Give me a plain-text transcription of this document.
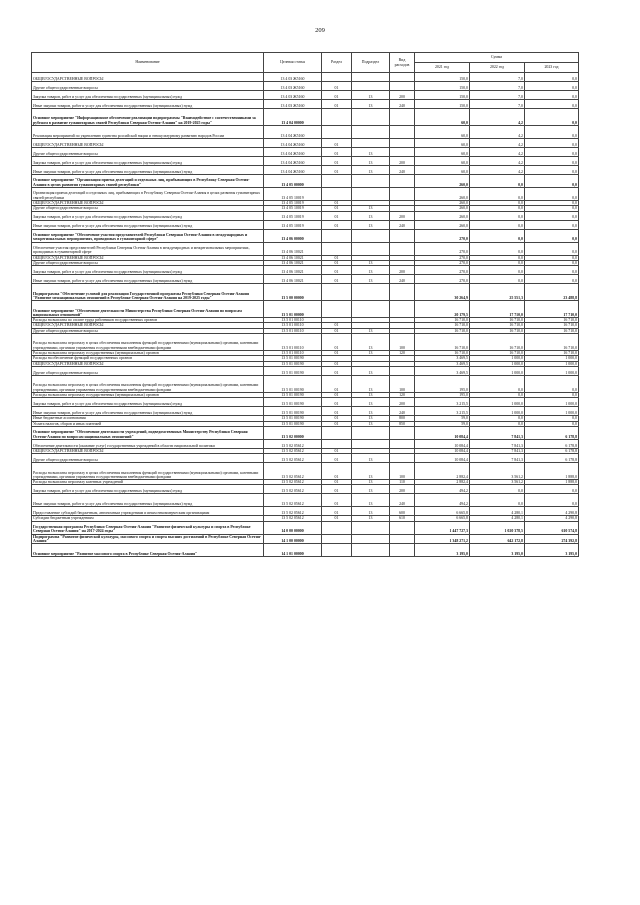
209
Наименование	Целевая статья	Раздел	Подраздел	Вид расходов	Сумма		
					2021 год	2022 год	2023 год
ОБЩЕГОСУДАРСТВЕННЫЕ ВОПРОСЫ	13 4 03 Ж5160				150,0	7,0	0,0
Другие общегосударственные вопросы	13 4 03 Ж5160	01			150,0	7,0	0,0
Закупка товаров, работ и услуг для обеспечения государственных (муниципальных) нужд	13 4 03 Ж5160	01	13	200	150,0	7,0	0,0
Иные закупки товаров, работ и услуг для обеспечения государственных (муниципальных) нужд	13 4 03 Ж5160	01	13	240	150,0	7,0	0,0
Основное мероприятие "Информационное обеспечение реализации подпрограммы "Взаимодействие с соотечественниками за рубежом в развитие гуманитарных связей Республики Северная Осетия-Алания" на 2019-2025 годы"	13 4 04 00000				60,0	4,2	0,0
Реализация мероприятий по укреплению единства российской нации и этнокультурному развитию народов России	13 4 04 Ж5160				60,0	4,2	0,0
ОБЩЕГОСУДАРСТВЕННЫЕ ВОПРОСЫ	13 4 04 Ж5160	01			60,0	4,2	0,0
Другие общегосударственные вопросы	13 4 04 Ж5160	01	13		60,0	4,2	0,0
Закупка товаров, работ и услуг для обеспечения государственных (муниципальных) нужд	13 4 04 Ж5160	01	13	200	60,0	4,2	0,0
Иные закупки товаров, работ и услуг для обеспечения государственных (муниципальных) нужд	13 4 04 Ж5160	01	13	240	60,0	4,2	0,0
Основное мероприятие "Организация приема делегаций и отдельных лиц, прибывающих в Республику Северная Осетия-Алания в целях развития гуманитарных связей республики"	13 4 05 00000				260,0	0,0	0,0
Организация приема делегаций и отдельных лиц, прибывающих в Республику Северная Осетия-Алания в целях развития гуманитарных связей республики	13 4 05 10019				260,0	0,0	0,0
ОБЩЕГОСУДАРСТВЕННЫЕ ВОПРОСЫ	13 4 05 10019	01			260,0	0,0	0,0
Другие общегосударственные вопросы	13 4 05 10019	01	13		260,0	0,0	0,0
Закупка товаров, работ и услуг для обеспечения государственных (муниципальных) нужд	13 4 05 10019	01	13	200	260,0	0,0	0,0
Иные закупки товаров, работ и услуг для обеспечения государственных (муниципальных) нужд	13 4 05 10019	01	13	240	260,0	0,0	0,0
Основное мероприятие "Обеспечение участия представителей Республики Северная Осетия-Алания в международных и межрегиональных мероприятиях, проводимых в гуманитарной сфере"	13 4 06 00000				270,0	0,0	0,0
Обеспечение участия представителей Республики Северная Осетия-Алания в международных и межрегиональных мероприятиях, проводимых в гуманитарной сфере	13 4 06 10021				270,0	0,0	0,0
ОБЩЕГОСУДАРСТВЕННЫЕ ВОПРОСЫ	13 4 06 10021	01			270,0	0,0	0,0
Другие общегосударственные вопросы	13 4 06 10021	01	13		270,0	0,0	0,0
Закупка товаров, работ и услуг для обеспечения государственных (муниципальных) нужд	13 4 06 10021	01	13	200	270,0	0,0	0,0
Иные закупки товаров, работ и услуг для обеспечения государственных (муниципальных) нужд	13 4 06 10021	01	13	240	270,0	0,0	0,0
Подпрограмма "Обеспечение условий для реализации Государственной программы Республики Северная Осетия-Алания "Развитие межнациональных отношений в Республике Северная Осетия-Алания на 2019-2025 годы"	13 5 00 00000				30 264,9	25 551,3	23 488,8
Основное мероприятие "Обеспечение деятельности Министерства Республики Северная Осетия-Алания по вопросам национальных отношений"	13 5 01 00000				20 179,5	17 710,0	17 710,0
Расходы на выплаты по оплате труда работников государственных органов	13 5 01 00110				16 710,0	16 710,0	16 710,0
ОБЩЕГОСУДАРСТВЕННЫЕ ВОПРОСЫ	13 5 01 00110	01			16 710,0	16 710,0	16 710,0
Другие общегосударственные вопросы	13 5 01 00110	01	13		16 710,0	16 710,0	16 710,0
Расходы на выплаты персоналу в целях обеспечения выполнения функций государственными (муниципальными) органами, казенными учреждениями, органами управления государственными внебюджетными фондами	13 5 01 00110	01	13	100	16 710,0	16 710,0	16 710,0
Расходы на выплаты персоналу государственных (муниципальных) органов	13 5 01 00110	01	13	120	16 710,0	16 710,0	16 710,0
Расходы на обеспечение функций государственных органов	13 5 01 00190				3 469,5	1 000,0	1 000,0
ОБЩЕГОСУДАРСТВЕННЫЕ ВОПРОСЫ	13 5 01 00190	01			3 469,5	1 000,0	1 000,0
Другие общегосударственные вопросы	13 5 01 00190	01	13		3 469,5	1 000,0	1 000,0
Расходы на выплаты персоналу в целях обеспечения выполнения функций государственными (муниципальными) органами, казенными учреждениями, органами управления государственными внебюджетными фондами	13 5 01 00190	01	13	100	195,0	0,0	0,0
Расходы на выплаты персоналу государственных (муниципальных) органов	13 5 01 00190	01	13	120	195,0	0,0	0,0
Закупка товаров, работ и услуг для обеспечения государственных (муниципальных) нужд	13 5 01 00190	01	13	200	3 215,5	1 000,0	1 000,0
Иные закупки товаров, работ и услуг для обеспечения государственных (муниципальных) нужд	13 5 01 00190	01	13	240	3 215,5	1 000,0	1 000,0
Иные бюджетные ассигнования	13 5 01 00190	01	13	800	59,0	0,0	0,0
Уплата налогов, сборов и иных платежей	13 5 01 00190	01	13	850	59,0	0,0	0,0
Основное мероприятие "Обеспечение деятельности учреждений, подведомственных Министерству Республики Северная Осетия-Алания по вопросам национальных отношений"	13 5 02 00000				10 084,4	7 841,3	6 178,8
Обеспечение деятельности (оказание услуг) государственных учреждений в области национальной политики	13 5 02 05612				10 084,4	7 841,3	6 178,8
ОБЩЕГОСУДАРСТВЕННЫЕ ВОПРОСЫ	13 5 02 05612	01			10 084,4	7 841,3	6 178,8
Другие общегосударственные вопросы	13 5 02 05612	01	13		10 084,4	7 841,3	6 178,8
Расходы на выплаты персоналу в целях обеспечения выполнения функций государственными (муниципальными) органами, казенными учреждениями, органами управления государственными внебюджетными фондами	13 5 02 05612	01	13	100	2 882,4	3 561,2	1 888,0
Расходы на выплаты персоналу казенных учреждений	13 5 02 05612	01	13	110	2 882,4	3 561,2	1 888,0
Закупка товаров, работ и услуг для обеспечения государственных (муниципальных) нужд	13 5 02 05612	01	13	200	494,2	0,0	0,0
Иные закупки товаров, работ и услуг для обеспечения государственных (муниципальных) нужд	13 5 02 05612	01	13	240	494,2	0,0	0,0
Предоставление субсидий бюджетным, автономным учреждениям и иным некоммерческим организациям	13 5 02 05612	01	13	600	6 665,8	4 280,1	4 290,8
Субсидии бюджетным учреждениям	13 5 02 05612	01	13	610	6 665,8	4 280,1	4 290,8
Государственная программа Республики Северная Осетия-Алания "Развитие физической культуры и спорта в Республике Северная Осетия-Алания" на 2017-2024 годы"	14 0 00 00000				1 447 727,3	1 020 378,5	610 574,8
Подпрограмма "Развитие физической культуры, массового спорта и спорта высших достижений в Республике Северная Осетия-Алания"	14 1 00 00000				1 348 271,2	642 172,8	274 392,8
Основное мероприятие "Развитие массового спорта в Республике Северная Осетия-Алания"	14 1 01 00000				3 195,0	3 195,0	3 195,0
